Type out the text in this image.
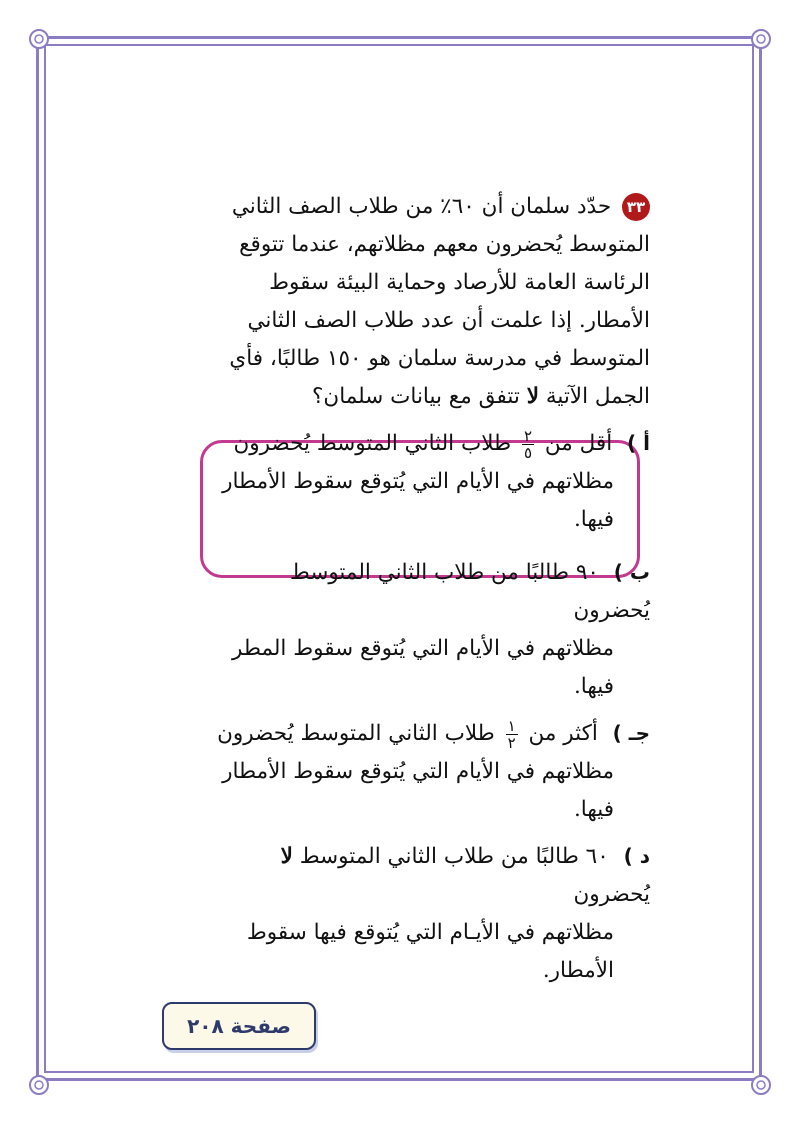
٣٣ حدّد سلمان أن ٦٠٪ من طلاب الصف الثاني

المتوسط يُحضرون معهم مظلاتهم، عندما تتوقع

الرئاسة العامة للأرصاد وحماية البيئة سقوط

الأمطار. إذا علمت أن عدد طلاب الصف الثاني

المتوسط في مدرسة سلمان هو ١٥٠ طالبًا، فأي

الجمل الآتية لا تتفق مع بيانات سلمان؟

أ ) أقل من
$\frac{٢}{٥}$
طلاب الثاني المتوسط يُحضرون

مظلاتهم في الأيام التي يُتوقع سقوط الأمطار

فيها.

ب ) ٩٠ طالبًا من طلاب الثاني المتوسط يُحضرون

مظلاتهم في الأيام التي يُتوقع سقوط المطر فيها.

جـ ) أكثر من
$\frac{١}{٢}$
طلاب الثاني المتوسط يُحضرون

مظلاتهم في الأيام التي يُتوقع سقوط الأمطار فيها.

د ) ٦٠ طالبًا من طلاب الثاني المتوسط لا يُحضرون

مظلاتهم في الأيـام التي يُتوقع فيها سقوط

الأمطار.

صفحة ٢٠٨
